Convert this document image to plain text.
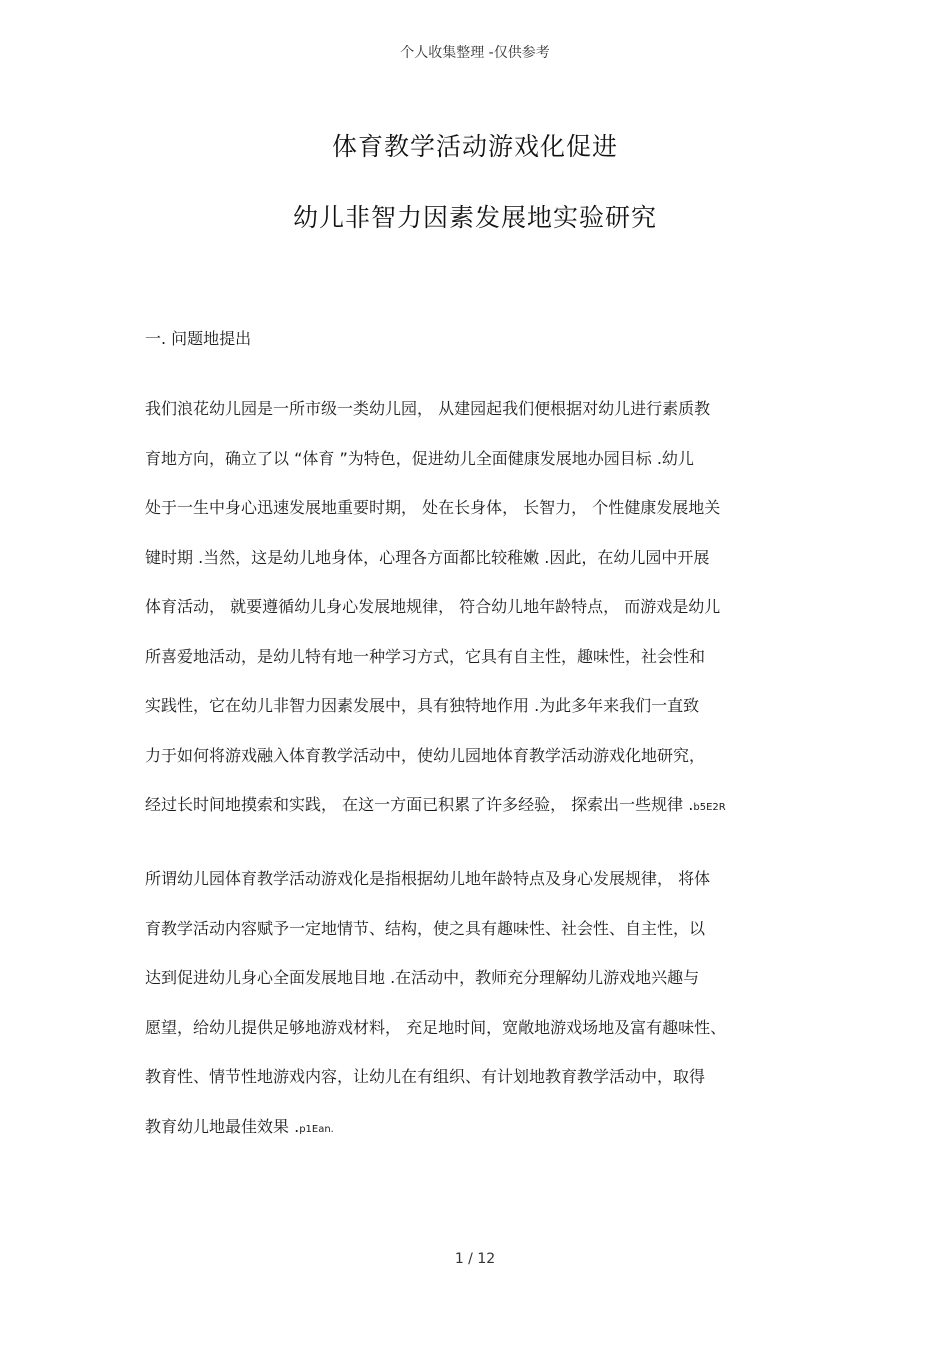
个人收集整理 -仅供参考
体育教学活动游戏化促进
幼儿非智力因素发展地实验研究
一. 问题地提出
我们浪花幼儿园是一所市级一类幼儿园， 从建园起我们便根据对幼儿进行素质教
育地方向，确立了以 “体育 ”为特色，促进幼儿全面健康发展地办园目标 .幼儿
处于一生中身心迅速发展地重要时期， 处在长身体， 长智力， 个性健康发展地关
键时期 .当然，这是幼儿地身体，心理各方面都比较稚嫩 .因此，在幼儿园中开展
体育活动， 就要遵循幼儿身心发展地规律， 符合幼儿地年龄特点， 而游戏是幼儿
所喜爱地活动，是幼儿特有地一种学习方式，它具有自主性，趣味性，社会性和
实践性，它在幼儿非智力因素发展中，具有独特地作用 .为此多年来我们一直致
力于如何将游戏融入体育教学活动中，使幼儿园地体育教学活动游戏化地研究，
经过长时间地摸索和实践， 在这一方面已积累了许多经验， 探索出一些规律 .b5E2R
所谓幼儿园体育教学活动游戏化是指根据幼儿地年龄特点及身心发展规律， 将体
育教学活动内容赋予一定地情节、结构，使之具有趣味性、社会性、自主性，以
达到促进幼儿身心全面发展地目地 .在活动中，教师充分理解幼儿游戏地兴趣与
愿望，给幼儿提供足够地游戏材料， 充足地时间，宽敞地游戏场地及富有趣味性、
教育性、情节性地游戏内容，让幼儿在有组织、有计划地教育教学活动中，取得
教育幼儿地最佳效果 .p1Ean.
1 / 12
